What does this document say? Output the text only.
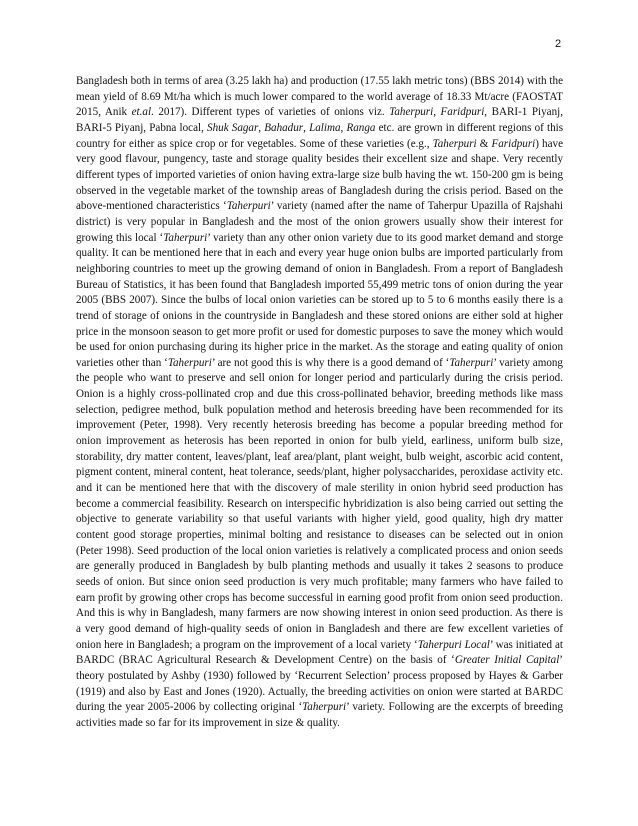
2

Bangladesh both in terms of area (3.25 lakh ha) and production (17.55 lakh metric tons) (BBS 2014) with the mean yield of 8.69 Mt/ha which is much lower compared to the world average of 18.33 Mt/acre (FAOSTAT 2015, Anik et.al. 2017). Different types of varieties of onions viz. Taherpuri, Faridpuri, BARI-1 Piyanj, BARI-5 Piyanj, Pabna local, Shuk Sagar, Bahadur, Lalima, Ranga etc. are grown in different regions of this country for either as spice crop or for vegetables. Some of these varieties (e.g., Taherpuri & Faridpuri) have very good flavour, pungency, taste and storage quality besides their excellent size and shape. Very recently different types of imported varieties of onion having extra-large size bulb having the wt. 150-200 gm is being observed in the vegetable market of the township areas of Bangladesh during the crisis period. Based on the above-mentioned characteristics ‘Taherpuri’ variety (named after the name of Taherpur Upazilla of Rajshahi district) is very popular in Bangladesh and the most of the onion growers usually show their interest for growing this local ‘Taherpuri’ variety than any other onion variety due to its good market demand and storge quality. It can be mentioned here that in each and every year huge onion bulbs are imported particularly from neighboring countries to meet up the growing demand of onion in Bangladesh. From a report of Bangladesh Bureau of Statistics, it has been found that Bangladesh imported 55,499 metric tons of onion during the year 2005 (BBS 2007). Since the bulbs of local onion varieties can be stored up to 5 to 6 months easily there is a trend of storage of onions in the countryside in Bangladesh and these stored onions are either sold at higher price in the monsoon season to get more profit or used for domestic purposes to save the money which would be used for onion purchasing during its higher price in the market. As the storage and eating quality of onion varieties other than ‘Taherpuri’ are not good this is why there is a good demand of ‘Taherpuri’ variety among the people who want to preserve and sell onion for longer period and particularly during the crisis period. Onion is a highly cross-pollinated crop and due this cross-pollinated behavior, breeding methods like mass selection, pedigree method, bulk population method and heterosis breeding have been recommended for its improvement (Peter, 1998). Very recently heterosis breeding has become a popular breeding method for onion improvement as heterosis has been reported in onion for bulb yield, earliness, uniform bulb size, storability, dry matter content, leaves/plant, leaf area/plant, plant weight, bulb weight, ascorbic acid content, pigment content, mineral content, heat tolerance, seeds/plant, higher polysaccharides, peroxidase activity etc. and it can be mentioned here that with the discovery of male sterility in onion hybrid seed production has become a commercial feasibility. Research on interspecific hybridization is also being carried out setting the objective to generate variability so that useful variants with higher yield, good quality, high dry matter content good storage properties, minimal bolting and resistance to diseases can be selected out in onion (Peter 1998). Seed production of the local onion varieties is relatively a complicated process and onion seeds are generally produced in Bangladesh by bulb planting methods and usually it takes 2 seasons to produce seeds of onion. But since onion seed production is very much profitable; many farmers who have failed to earn profit by growing other crops has become successful in earning good profit from onion seed production. And this is why in Bangladesh, many farmers are now showing interest in onion seed production. As there is a very good demand of high-quality seeds of onion in Bangladesh and there are few excellent varieties of onion here in Bangladesh; a program on the improvement of a local variety ‘Taherpuri Local’ was initiated at BARDC (BRAC Agricultural Research & Development Centre) on the basis of ‘Greater Initial Capital’ theory postulated by Ashby (1930) followed by ‘Recurrent Selection’ process proposed by Hayes & Garber (1919) and also by East and Jones (1920). Actually, the breeding activities on onion were started at BARDC during the year 2005-2006 by collecting original ‘Taherpuri’ variety. Following are the excerpts of breeding activities made so far for its improvement in size & quality.
